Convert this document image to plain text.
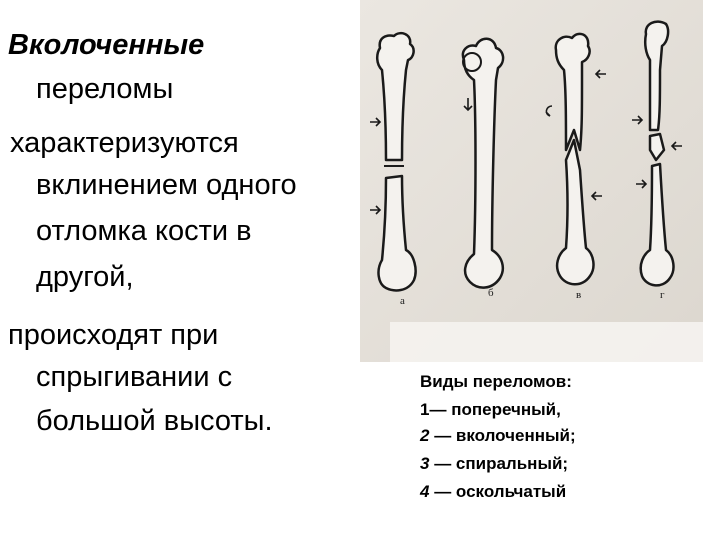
Вколоченные
переломы
характеризуются
вклинением одного
отломка кости в
другой,
происходят при
спрыгивании с
большой высоты.
а
б	в	г
Виды переломов:
1— поперечный,
2 — вколоченный;
3 — спиральный;
4 — оскольчатый
